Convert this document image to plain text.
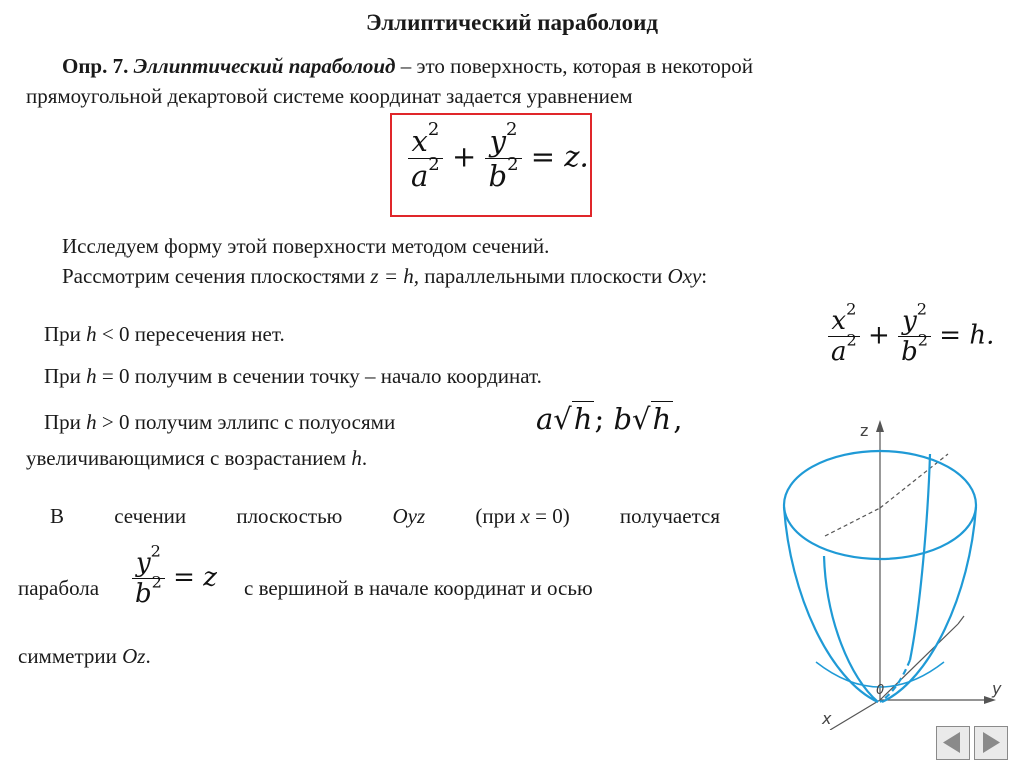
Эллиптический параболоид
Опр. 7. Эллиптический параболоид – это поверхность, которая в некоторой
прямоугольной декартовой системе координат задается уравнением
$\frac{x^2}{a^2} + \frac{y^2}{b^2} = z$.
Исследуем форму этой поверхности методом сечений.
Рассмотрим сечения плоскостями z = h, параллельными плоскости Oxy:
$\frac{x^2}{a^2} + \frac{y^2}{b^2} = h$.
При h < 0 пересечения нет.
При h = 0 получим в сечении точку – начало координат.
При h > 0 получим эллипс с полуосями	a√h; b√h,
увеличивающимися с возрастанием h.
В сечении плоскостью Oyz (при x = 0) получается
парабола $\frac{y^2}{b^2} = z$ с вершиной в начале координат и осью
симметрии Oz.
z
y
x
0
